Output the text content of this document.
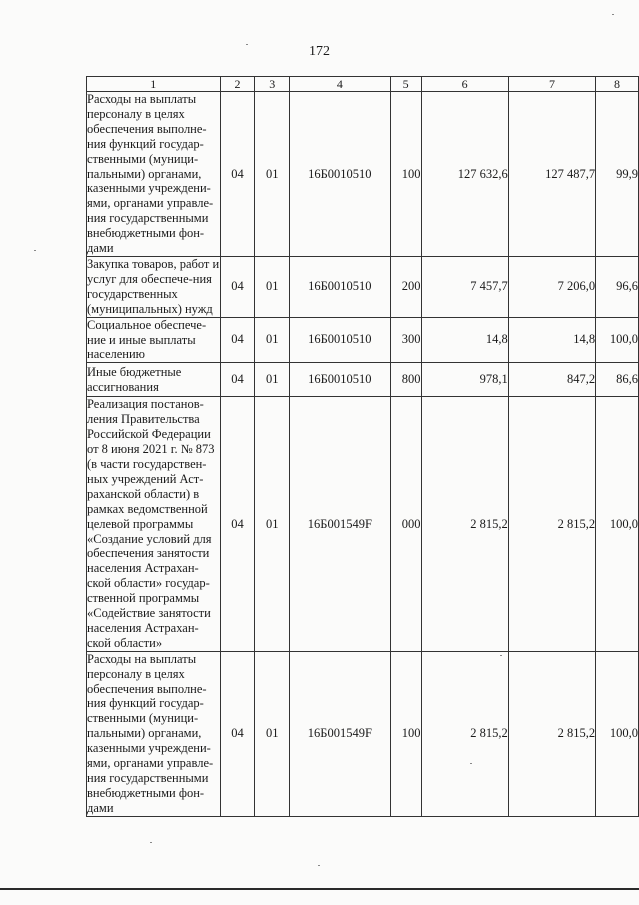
172
1	2	3	4	5	6	7	8
Расходы на выплаты персоналу в целях обеспечения выполне-ния функций государ-ственными (муници-пальными) органами, казенными учреждени-ями, органами управле-ния государственными внебюджетными фон-дами	04	01	16Б0010510	100	127 632,6	127 487,7	99,9
Закупка товаров, работ и услуг для обеспече-ния государственных (муниципальных) нужд	04	01	16Б0010510	200	7 457,7	7 206,0	96,6
Социальное обеспече-ние и иные выплаты населению	04	01	16Б0010510	300	14,8	14,8	100,0
Иные бюджетные ассигнования	04	01	16Б0010510	800	978,1	847,2	86,6
Реализация постанов-ления Правительства Российской Федерации от 8 июня 2021 г. № 873 (в части государствен-ных учреждений Аст-раханской области) в рамках ведомственной целевой программы «Создание условий для обеспечения занятости населения Астрахан-ской области» государ-ственной программы «Содействие занятости населения Астрахан-ской области»	04	01	16Б001549F	000	2 815,2	2 815,2	100,0
Расходы на выплаты персоналу в целях обеспечения выполне-ния функций государ-ственными (муници-пальными) органами, казенными учреждени-ями, органами управле-ния государственными внебюджетными фон-дами	04	01	16Б001549F	100	2 815,2	2 815,2	100,0
